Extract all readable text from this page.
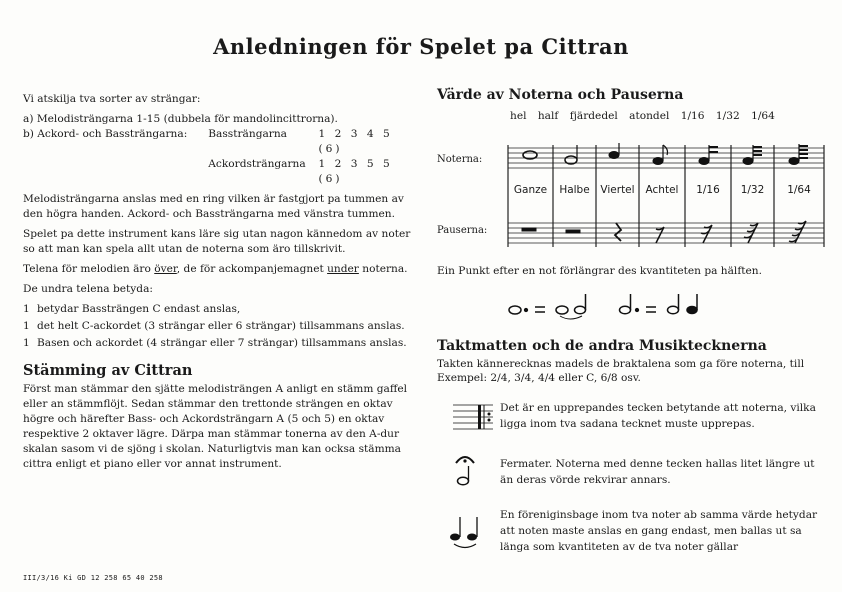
Anledningen för Spelet pa Cittran

Vi atskilja tva sorter av strängar:

a) Melodisträngarna 1-15 (dubbela för mandolincittrorna).
b) Ackord- och Bassträngarna:	Bassträngarna	1 2 3 4 5 (6)
Ackordsträngarna	1 2 3 5 5 (6)

Melodisträngarna anslas med en ring vilken är fastgjort pa tummen av den högra handen. Ackord- och Bassträngarna med vänstra tummen.

Spelet pa dette instrument kans läre sig utan nagon kännedom av noter so att man kan spela allt utan de noterna som äro tillskrivit.

Telena för melodien äro över, de för ackompanjemagnet under noterna.

De undra telena betyda:

1 betydar Bassträngen C endast anslas,
1 det helt C-ackordet (3 strängar eller 6 strängar) tillsammans anslas.
1 Basen och ackordet (4 strängar eller 7 strängar) tillsammans anslas.
Stämming av Cittran

Först man stämmar den sjätte melodisträngen A anligt en stämm gaffel eller an stämmflöjt. Sedan stämmar den trettonde strängen en oktav högre och härefter Bass- och Ackordsträngarn A (5 och 5) en oktav respektive 2 oktaver lägre. Därpa man stämmar tonerna av den A-dur skalan sasom vi de sjöng i skolan. Naturligtvis man kan ocksa stämma cittra enligt et piano eller vor annat instrument.

III/3/16 Ki GD 12 258 65 40 258
Värde av Noterna och Pauserna
hel half fjärdedel atondel 1/16 1/32 1/64
Noterna:
Pauserna:
Ganze	Halbe	Viertel	Achtel	1/16	1/32	1/64
Ein Punkt efter en not förlängrar des kvantiteten pa hälften.
Taktmatten och de andra Musiktecknerna
Takten kännerecknas madels de braktalena som ga före noterna, till Exempel: 2/4, 3/4, 4/4 eller C, 6/8 osv.
Det är en upprepandes tecken betytande att noterna, vilka ligga inom tva sadana tecknet muste upprepas.
Fermater. Noterna med denne tecken hallas litet längre ut än deras vörde rekvirar annars.
En föreniginsbage inom tva noter ab samma värde hetydar att noten maste anslas en gang endast, men ballas ut sa länga som kvantiteten av de tva noter gällar
